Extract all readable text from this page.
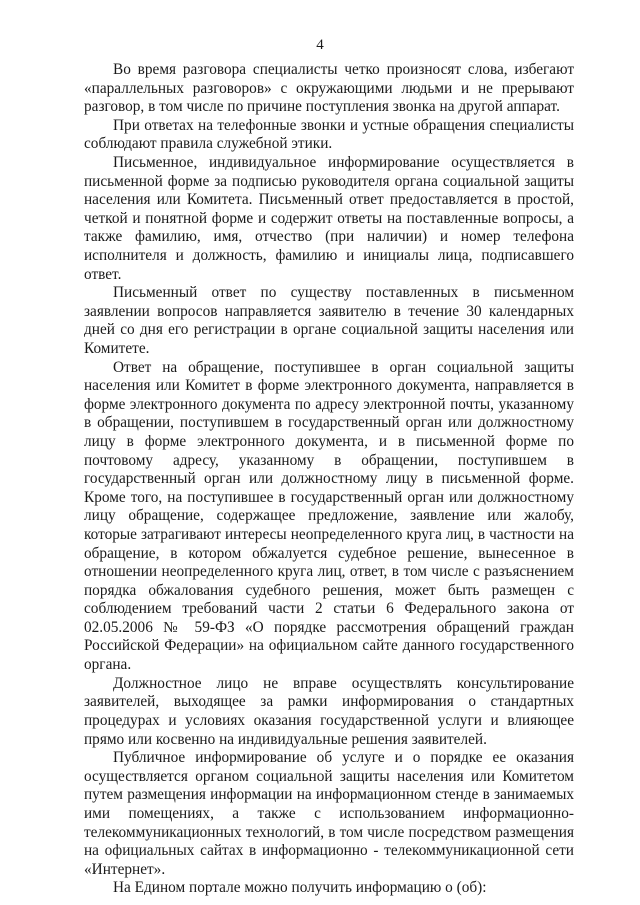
4
Во время разговора специалисты четко произносят слова, избегают
«параллельных разговоров» с окружающими людьми и не прерывают
разговор, в том числе по причине поступления звонка на другой аппарат.
При ответах на телефонные звонки и устные обращения специалисты
соблюдают правила служебной этики.
Письменное, индивидуальное информирование осуществляется в
письменной форме за подписью руководителя органа социальной защиты
населения или Комитета. Письменный ответ предоставляется в простой,
четкой и понятной форме и содержит ответы на поставленные вопросы, а
также фамилию, имя, отчество (при наличии) и номер телефона
исполнителя и должность, фамилию и инициалы лица, подписавшего
ответ.
Письменный ответ по существу поставленных в письменном
заявлении вопросов направляется заявителю в течение 30 календарных
дней со дня его регистрации в органе социальной защиты населения или
Комитете.
Ответ на обращение, поступившее в орган социальной защиты
населения или Комитет в форме электронного документа, направляется в
форме электронного документа по адресу электронной почты, указанному
в обращении, поступившем в государственный орган или должностному
лицу в форме электронного документа, и в письменной форме по
почтовому адресу, указанному в обращении, поступившем в
государственный орган или должностному лицу в письменной форме.
Кроме того, на поступившее в государственный орган или должностному
лицу обращение, содержащее предложение, заявление или жалобу,
которые затрагивают интересы неопределенного круга лиц, в частности на
обращение, в котором обжалуется судебное решение, вынесенное в
отношении неопределенного круга лиц, ответ, в том числе с разъяснением
порядка обжалования судебного решения, может быть размещен с
соблюдением требований части 2 статьи 6 Федерального закона от
02.05.2006 № 59-ФЗ «О порядке рассмотрения обращений граждан
Российской Федерации» на официальном сайте данного государственного
органа.
Должностное лицо не вправе осуществлять консультирование
заявителей, выходящее за рамки информирования о стандартных
процедурах и условиях оказания государственной услуги и влияющее
прямо или косвенно на индивидуальные решения заявителей.
Публичное информирование об услуге и о порядке ее оказания
осуществляется органом социальной защиты населения или Комитетом
путем размещения информации на информационном стенде в занимаемых
ими помещениях, а также с использованием информационно-
телекоммуникационных технологий, в том числе посредством размещения
на официальных сайтах в информационно - телекоммуникационной сети
«Интернет».
На Едином портале можно получить информацию о (об):
